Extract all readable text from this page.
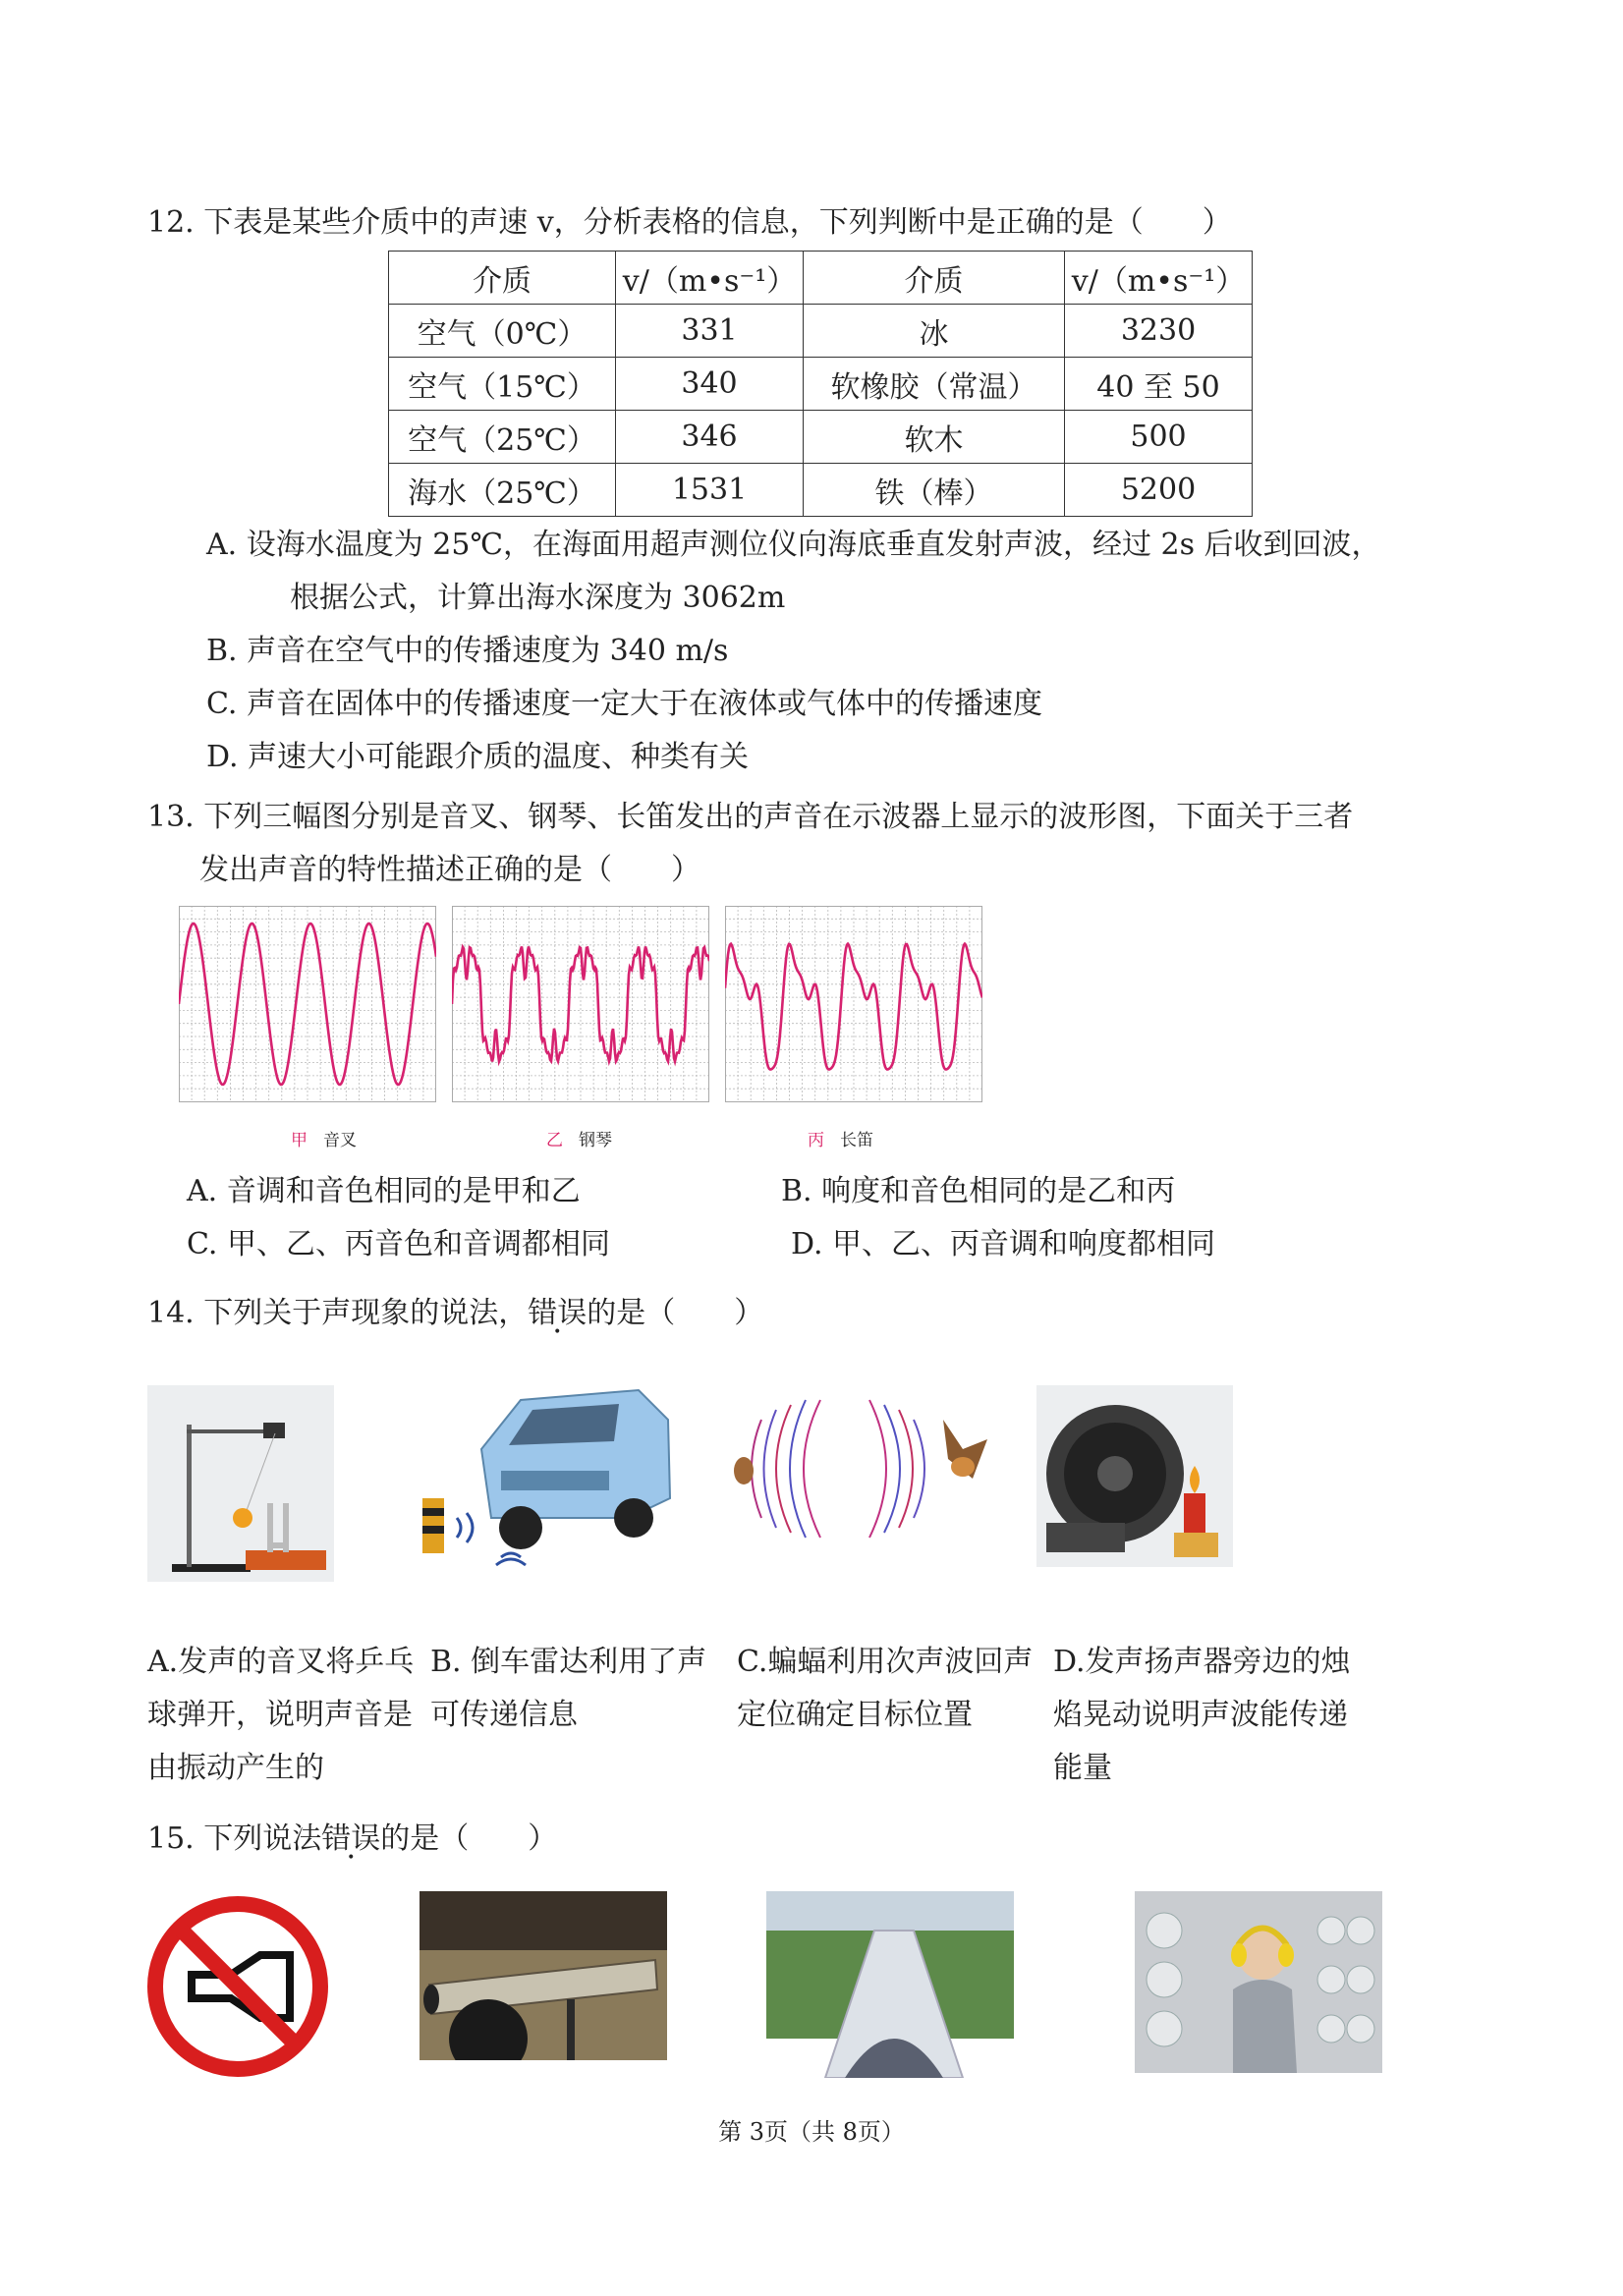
12. 下表是某些介质中的声速 v，分析表格的信息，下列判断中是正确的是（　　）
介质	v/（m•s⁻¹）	介质	v/（m•s⁻¹）
空气（0℃）	331	冰	3230
空气（15℃）	340	软橡胶（常温）	40 至 50
空气（25℃）	346	软木	500
海水（25℃）	1531	铁（棒）	5200
A. 设海水温度为 25℃，在海面用超声测位仪向海底垂直发射声波，经过 2s 后收到回波，
根据公式，计算出海水深度为 3062m
B. 声音在空气中的传播速度为 340 m/s
C. 声音在固体中的传播速度一定大于在液体或气体中的传播速度
D. 声速大小可能跟介质的温度、种类有关
13. 下列三幅图分别是音叉、钢琴、长笛发出的声音在示波器上显示的波形图，下面关于三者
发出声音的特性描述正确的是（　　）
甲 音叉	乙 钢琴	丙 长笛
A. 音调和音色相同的是甲和乙	B. 响度和音色相同的是乙和丙
C. 甲、乙、丙音色和音调都相同	D. 甲、乙、丙音调和响度都相同
14. 下列关于声现象的说法，错误的是（　　）
A.发声的音叉将乒乓球弹开，说明声音是由振动产生的
B. 倒车雷达利用了声可传递信息
C.蝙蝠利用次声波回声定位确定目标位置
D.发声扬声器旁边的烛焰晃动说明声波能传递能量
15. 下列说法错误的是（　　）
第 3页（共 8页）
